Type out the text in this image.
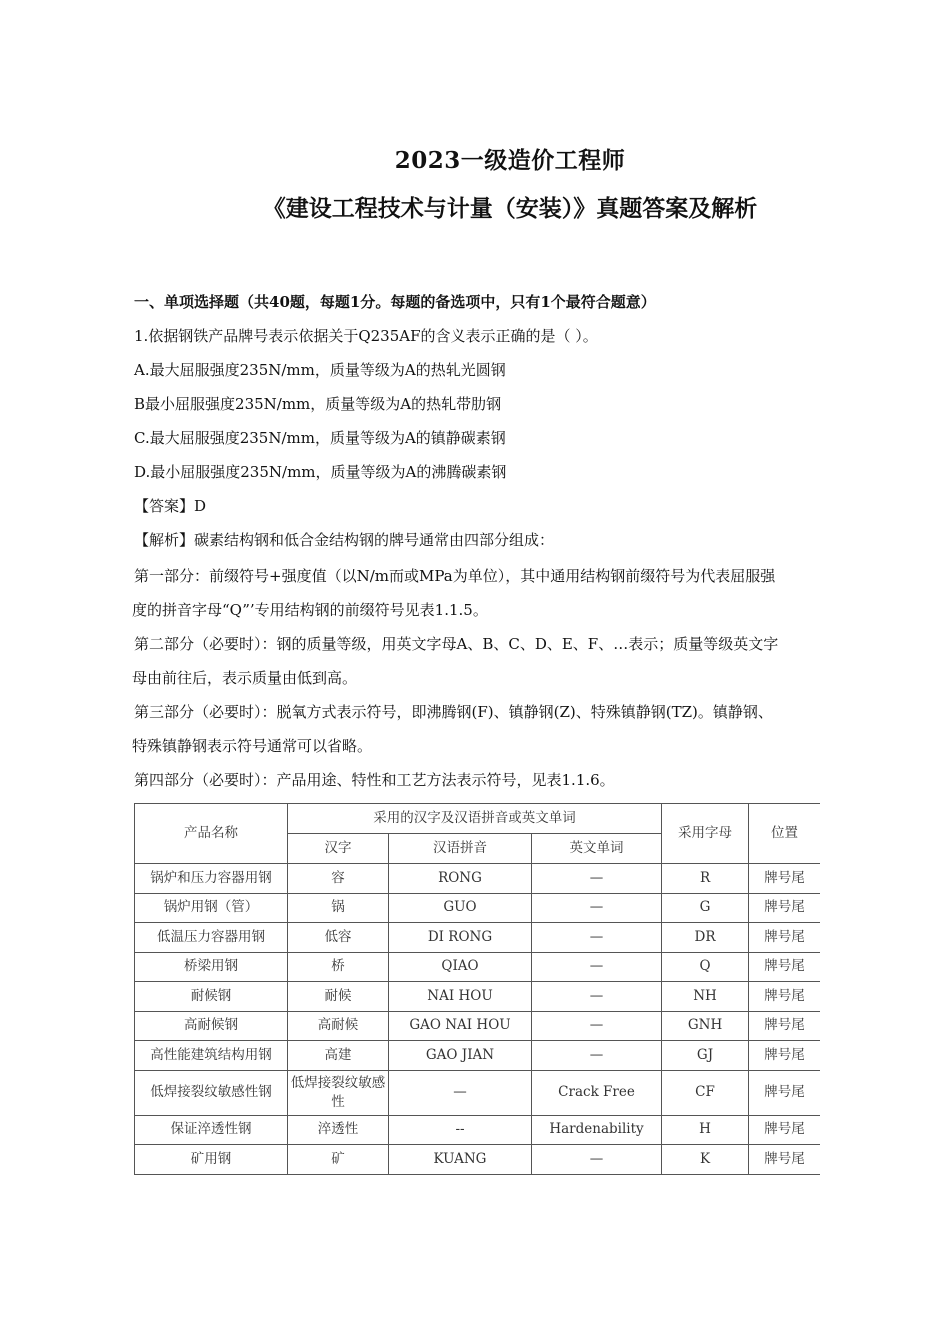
2023一级造价工程师
《建设工程技术与计量（安装）》真题答案及解析
一、单项选择题（共40题，每题1分。每题的备选项中，只有1个最符合题意）
1.依据钢铁产品牌号表示依据关于Q235AF的含义表示正确的是（ ）。
A.最大屈服强度235N/mm，质量等级为A的热轧光圆钢
B最小屈服强度235N/mm，质量等级为A的热轧带肋钢
C.最大屈服强度235N/mm，质量等级为A的镇静碳素钢
D.最小屈服强度235N/mm，质量等级为A的沸腾碳素钢
【答案】D
【解析】碳素结构钢和低合金结构钢的牌号通常由四部分组成：
第一部分：前缀符号+强度值（以N/m而或MPa为单位），其中通用结构钢前缀符号为代表屈服强
度的拼音字母“Q”’专用结构钢的前缀符号见表1.1.5。
第二部分（必要时）：钢的质量等级，用英文字母A、B、C、D、E、F、…表示；质量等级英文字
母由前往后，表示质量由低到高。
第三部分（必要时）：脱氧方式表示符号，即沸腾钢(F)、镇静钢(Z)、特殊镇静钢(TZ)。镇静钢、
特殊镇静钢表示符号通常可以省略。
第四部分（必要时）：产品用途、特性和工艺方法表示符号，见表1.1.6。
产品名称	采用的汉字及汉语拼音或英文单词			采用字母	位置
	汉字	汉语拼音	英文单词		
锅炉和压力容器用钢	容	RONG	—	R	牌号尾
锅炉用钢（管）	锅	GUO	—	G	牌号尾
低温压力容器用钢	低容	DI RONG	—	DR	牌号尾
桥梁用钢	桥	QIAO	—	Q	牌号尾
耐候钢	耐候	NAI HOU	—	NH	牌号尾
高耐候钢	高耐候	GAO NAI HOU	—	GNH	牌号尾
高性能建筑结构用钢	高建	GAO JIAN	—	GJ	牌号尾
低焊接裂纹敏感性钢	低焊接裂纹敏感性	—	Crack Free	CF	牌号尾
保证淬透性钢	淬透性	--	Hardenability	H	牌号尾
矿用钢	矿	KUANG	—	K	牌号尾
